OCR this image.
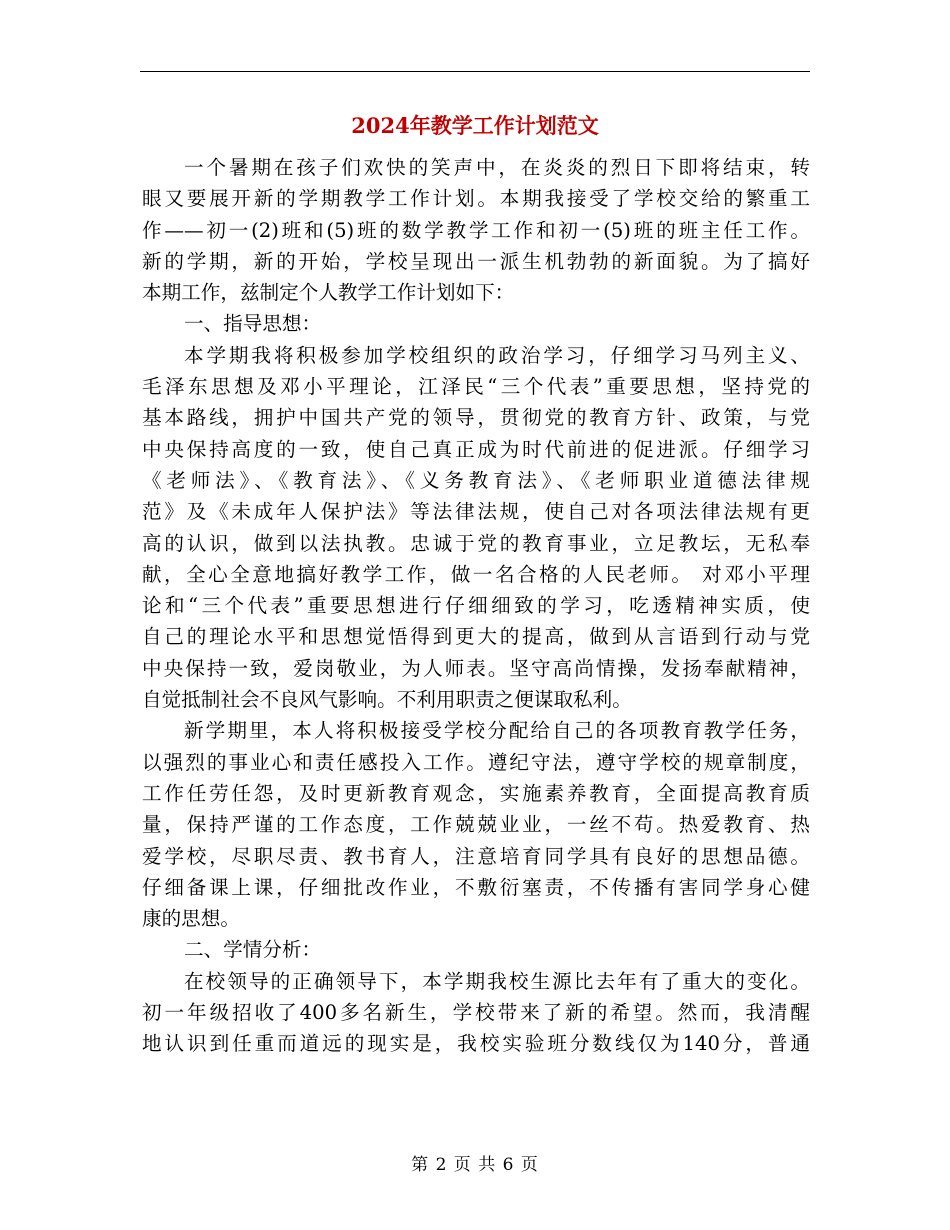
2024年教学工作计划范文
一个暑期在孩子们欢快的笑声中，在炎炎的烈日下即将结束，转
眼又要展开新的学期教学工作计划。本期我接受了学校交给的繁重工
作——初一(2)班和(5)班的数学教学工作和初一(5)班的班主任工作。
新的学期，新的开始，学校呈现出一派生机勃勃的新面貌。为了搞好
本期工作，兹制定个人教学工作计划如下：
一、指导思想：
本学期我将积极参加学校组织的政治学习，仔细学习马列主义、
毛泽东思想及邓小平理论，江泽民“三个代表”重要思想，坚持党的
基本路线，拥护中国共产党的领导，贯彻党的教育方针、政策，与党
中央保持高度的一致，使自己真正成为时代前进的促进派。仔细学习
《老师法》、《教育法》、《义务教育法》、《老师职业道德法律规
范》及《未成年人保护法》等法律法规，使自己对各项法律法规有更
高的认识，做到以法执教。忠诚于党的教育事业，立足教坛，无私奉
献，全心全意地搞好教学工作，做一名合格的人民老师。 对邓小平理
论和“三个代表”重要思想进行仔细细致的学习，吃透精神实质，使
自己的理论水平和思想觉悟得到更大的提高，做到从言语到行动与党
中央保持一致，爱岗敬业，为人师表。坚守高尚情操，发扬奉献精神，
自觉抵制社会不良风气影响。不利用职责之便谋取私利。
新学期里，本人将积极接受学校分配给自己的各项教育教学任务，
以强烈的事业心和责任感投入工作。遵纪守法，遵守学校的规章制度，
工作任劳任怨，及时更新教育观念，实施素养教育，全面提高教育质
量，保持严谨的工作态度，工作兢兢业业，一丝不苟。热爱教育、热
爱学校，尽职尽责、教书育人，注意培育同学具有良好的思想品德。
仔细备课上课，仔细批改作业，不敷衍塞责，不传播有害同学身心健
康的思想。
二、学情分析：
在校领导的正确领导下，本学期我校生源比去年有了重大的变化。
初一年级招收了400多名新生，学校带来了新的希望。然而，我清醒
地认识到任重而道远的现实是，我校实验班分数线仅为140分，普通
第 2 页 共 6 页
